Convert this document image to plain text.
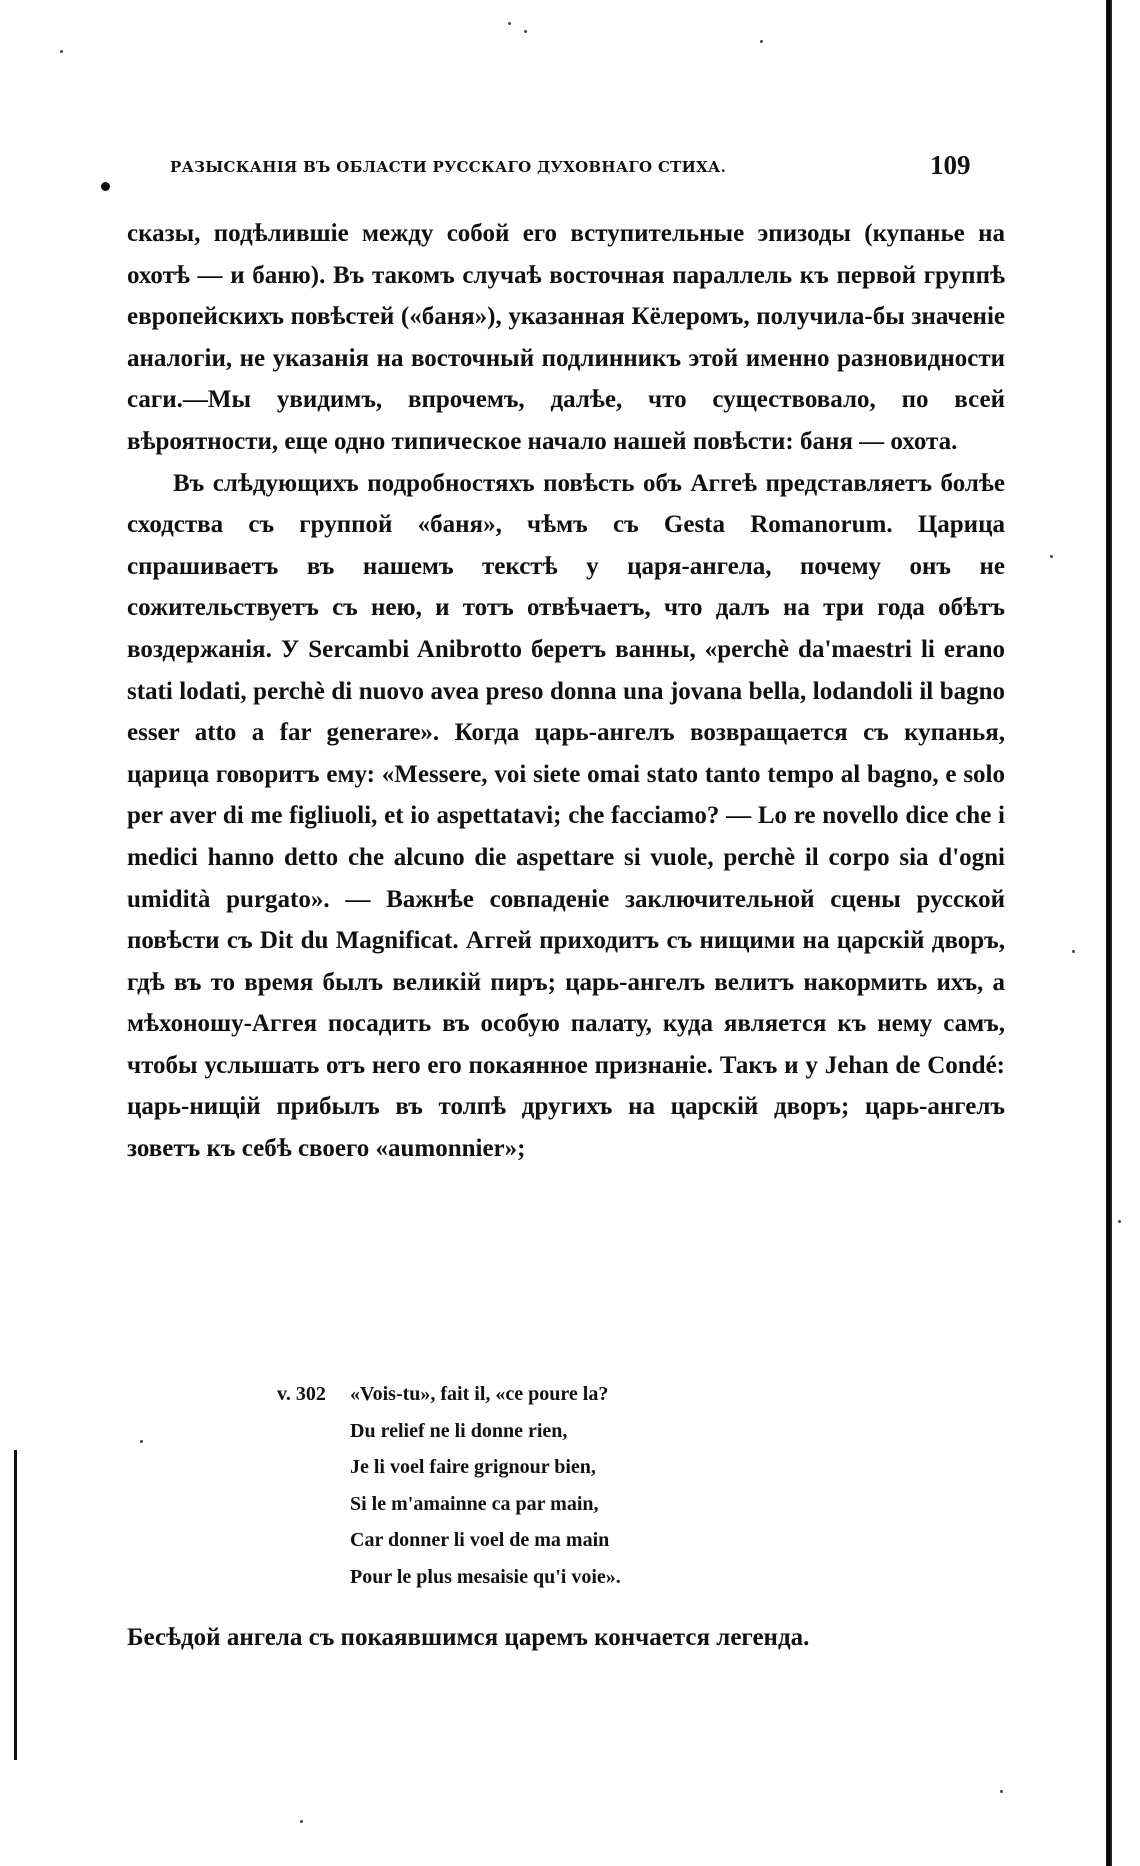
РАЗЫСКАНІЯ ВЪ ОБЛАСТИ РУССКАГО ДУХОВНАГО СТИХА.	109

сказы, подѣлившіе между собой его вступительные эпизоды (купанье на охотѣ — и баню). Въ такомъ случаѣ восточная параллель къ первой группѣ европейскихъ повѣстей («баня»), указанная Кёлеромъ, получила-бы значеніе аналогіи, не указанія на восточный подлинникъ этой именно разновидности саги.—Мы увидимъ, впрочемъ, далѣе, что существовало, по всей вѣроятности, еще одно типическое начало нашей повѣсти: баня — охота.

Въ слѣдующихъ подробностяхъ повѣсть объ Аггеѣ представляетъ болѣе сходства съ группой «баня», чѣмъ съ Gesta Romanorum. Царица спрашиваетъ въ нашемъ текстѣ у царя-ангела, почему онъ не сожительствуетъ съ нею, и тотъ отвѣчаетъ, что далъ на три года обѣтъ воздержанія. У Sercambi Anibrotto беретъ ванны, «perchè da'maestri li erano stati lodati, perchè di nuovo avea preso donna una jovana bella, lodandoli il bagno esser atto a far generare». Когда царь-ангелъ возвращается съ купанья, царица говоритъ ему: «Messere, voi siete omai stato tanto tempo al bagno, e solo per aver di me figliuoli, et io aspettatavi; che facciamo? — Lo re novello dice che i medici hanno detto che alcuno die aspettare si vuole, perchè il corpo sia d'ogni umidità purgato». — Важнѣе совпаденіе заключительной сцены русской повѣсти съ Dit du Magnificat. Аггей приходитъ съ нищими на царскій дворъ, гдѣ въ то время былъ великій пиръ; царь-ангелъ велитъ накормить ихъ, а мѣхоношу-Аггея посадить въ особую палату, куда является къ нему самъ, чтобы услышать отъ него его покаянное признаніе. Такъ и у Jehan de Condé: царь-нищій прибылъ въ толпѣ другихъ на царскій дворъ; царь-ангелъ зоветъ къ себѣ своего «aumonnier»;

v. 302	«Vois-tu», fait il, «ce poure la?
Du relief ne li donne rien,
Je li voel faire grignour bien,
Si le m'amainne ca par main,
Car donner li voel de ma main
Pour le plus mesaisie qu'i voie».
Бесѣдой ангела съ покаявшимся царемъ кончается легенда.
